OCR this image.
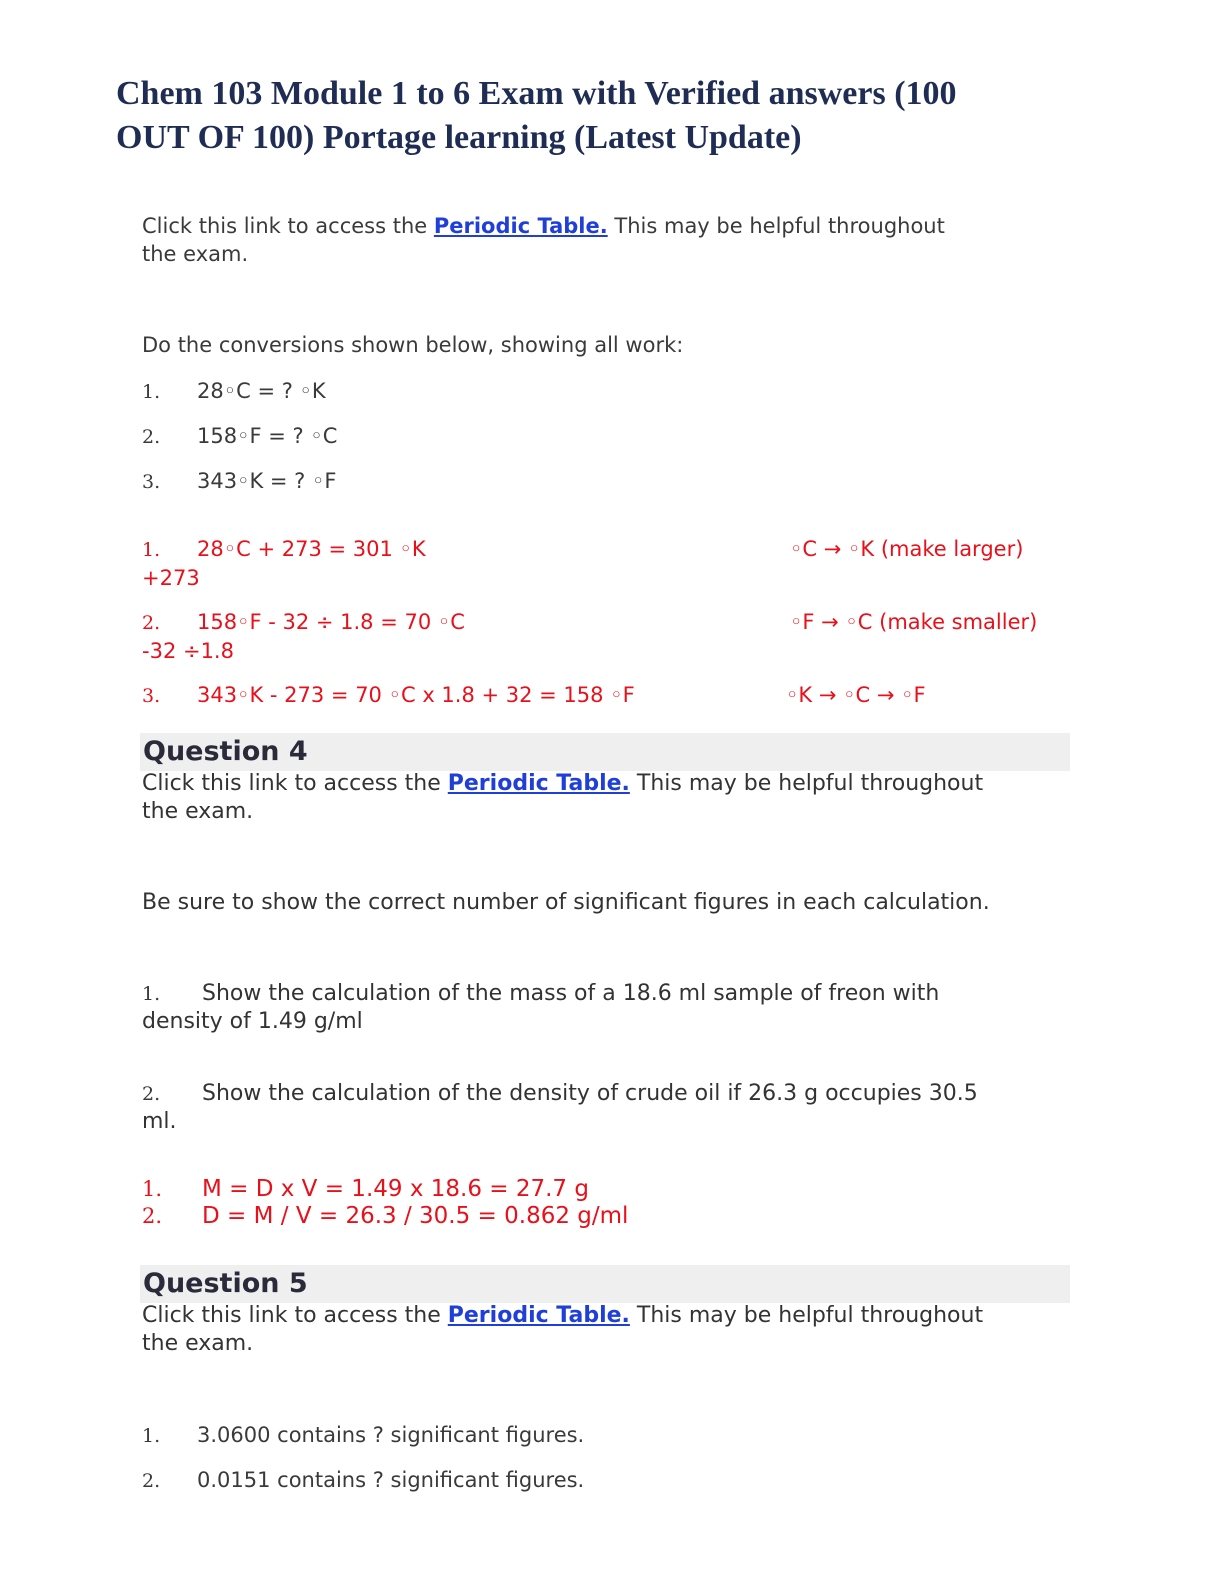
Chem 103 Module 1 to 6 Exam with Verified answers (100
OUT OF 100) Portage learning (Latest Update)
Click this link to access the Periodic Table. This may be helpful throughout
the exam.
Do the conversions shown below, showing all work:
1. 28◦C = ? ◦K
2. 158◦F = ? ◦C
3. 343◦K = ? ◦F
1. 28◦C + 273 = 301 ◦K
+273
◦C → ◦K (make larger)
2. 158◦F - 32 ÷ 1.8 = 70 ◦C
-32 ÷1.8
◦F → ◦C (make smaller)
3. 343◦K - 273 = 70 ◦C x 1.8 + 32 = 158 ◦F	◦K → ◦C → ◦F
Question 4
Click this link to access the Periodic Table. This may be helpful throughout
the exam.
Be sure to show the correct number of significant figures in each calculation.
1. Show the calculation of the mass of a 18.6 ml sample of freon with
density of 1.49 g/ml
2. Show the calculation of the density of crude oil if 26.3 g occupies 30.5
ml.
1. M = D x V = 1.49 x 18.6 = 27.7 g
2. D = M / V = 26.3 / 30.5 = 0.862 g/ml
Question 5
Click this link to access the Periodic Table. This may be helpful throughout
the exam.
1. 3.0600 contains ? significant figures.
2. 0.0151 contains ? significant figures.
